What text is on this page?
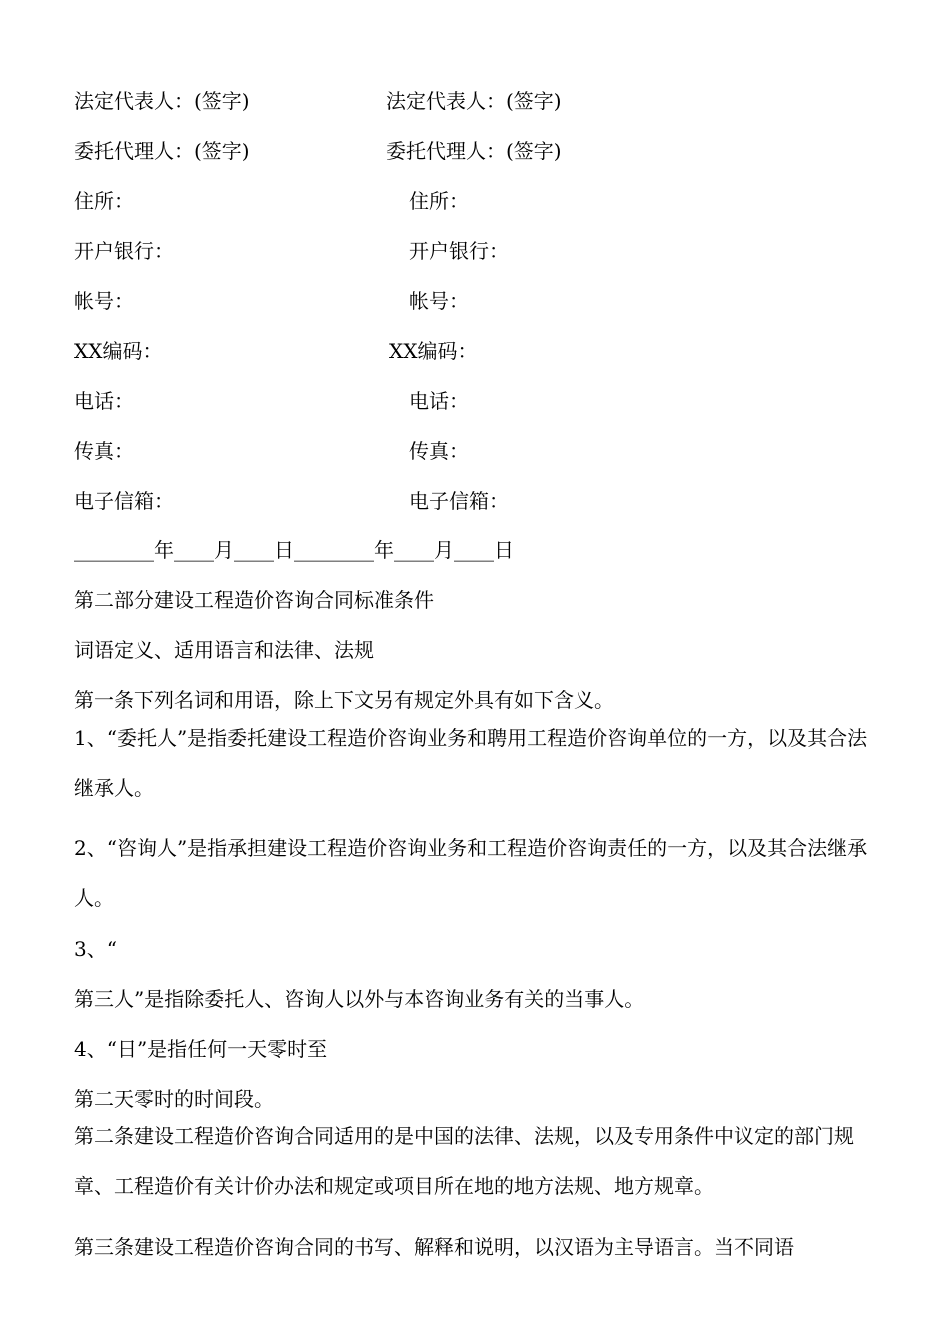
法定代表人：(签字)	法定代表人：(签字)
委托代理人：(签字)	委托代理人：(签字)
住所：	住所：
开户银行：	开户银行：
帐号：	帐号：
XX编码：	XX编码：
电话：	电话：
传真：	传真：
电子信箱：	电子信箱：
________年____月____日________年____月____日
第二部分建设工程造价咨询合同标准条件
词语定义、适用语言和法律、法规
第一条下列名词和用语，除上下文另有规定外具有如下含义。
1、“委托人”是指委托建设工程造价咨询业务和聘用工程造价咨询单位的一方，以及其合法继承人。
2、“咨询人”是指承担建设工程造价咨询业务和工程造价咨询责任的一方，以及其合法继承人。
3、“
第三人”是指除委托人、咨询人以外与本咨询业务有关的当事人。
4、“日”是指任何一天零时至
第二天零时的时间段。
第二条建设工程造价咨询合同适用的是中国的法律、法规，以及专用条件中议定的部门规章、工程造价有关计价办法和规定或项目所在地的地方法规、地方规章。
第三条建设工程造价咨询合同的书写、解释和说明，以汉语为主导语言。当不同语
